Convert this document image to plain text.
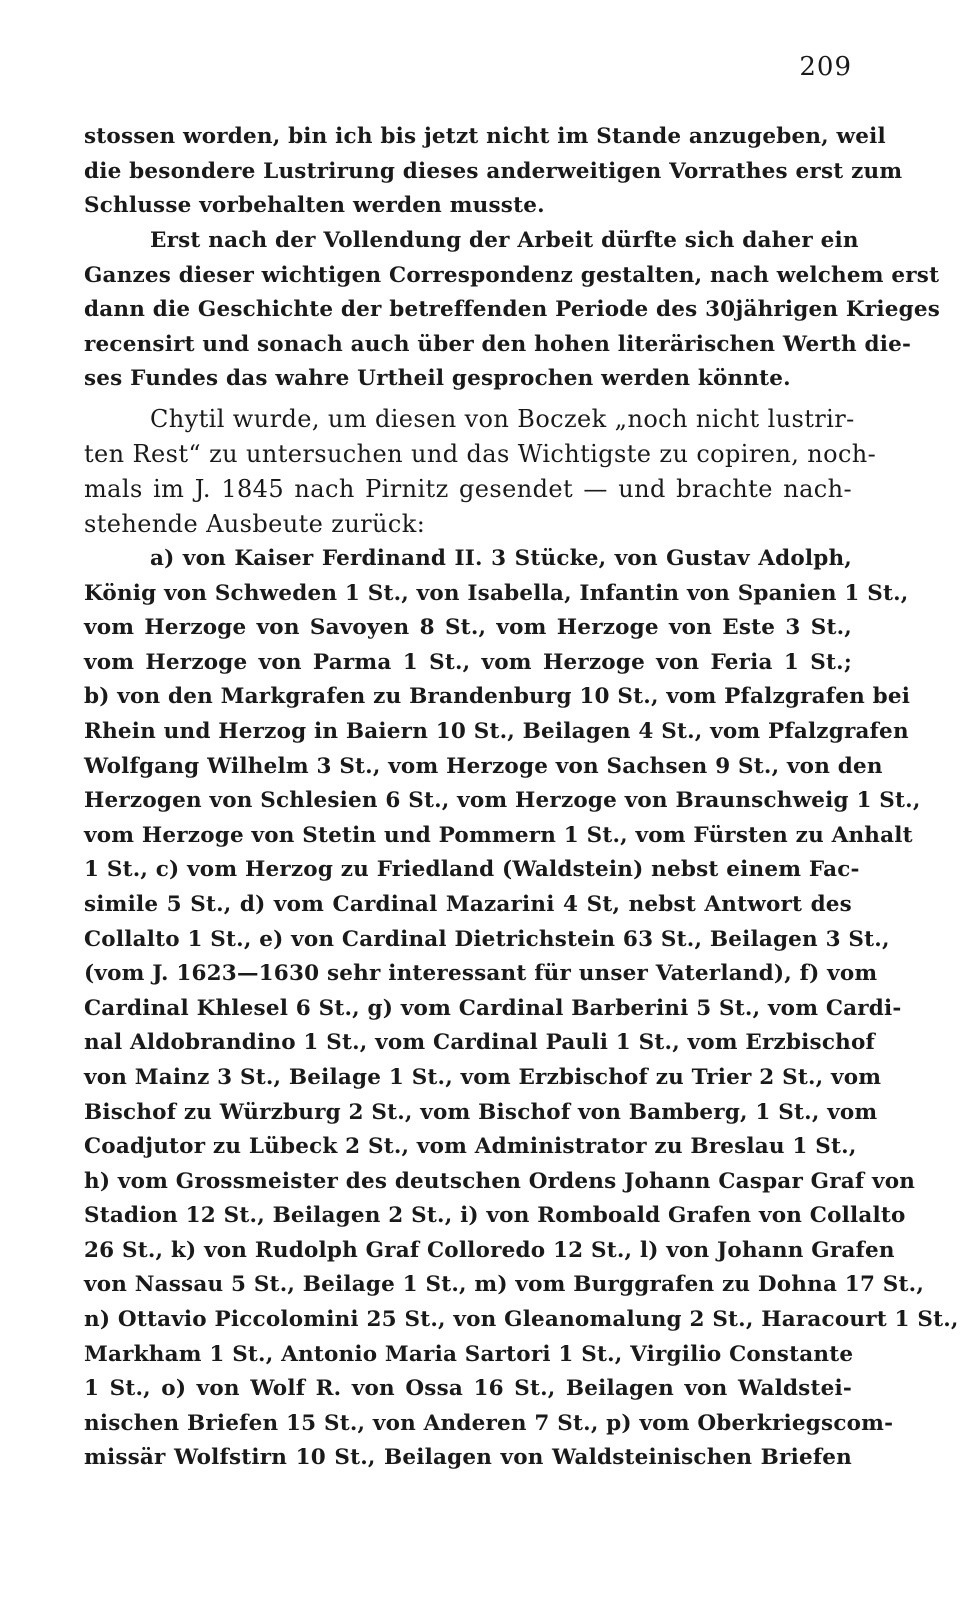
209
stossen worden, bin ich bis jetzt nicht im Stande anzugeben, weil
die besondere Lustrirung dieses anderweitigen Vorrathes erst zum
Schlusse vorbehalten werden musste.
Erst nach der Vollendung der Arbeit dürfte sich daher ein
Ganzes dieser wichtigen Correspondenz gestalten, nach welchem erst
dann die Geschichte der betreffenden Periode des 30jährigen Krieges
recensirt und sonach auch über den hohen literärischen Werth die-
ses Fundes das wahre Urtheil gesprochen werden könnte.
Chytil wurde, um diesen von Boczek „noch nicht lustrir-
ten Rest“ zu untersuchen und das Wichtigste zu copiren, noch-
mals im J. 1845 nach Pirnitz gesendet — und brachte nach-
stehende Ausbeute zurück:
a) von Kaiser Ferdinand II. 3 Stücke, von Gustav Adolph,
König von Schweden 1 St., von Isabella, Infantin von Spanien 1 St.,
vom Herzoge von Savoyen 8 St., vom Herzoge von Este 3 St.,
vom Herzoge von Parma 1 St., vom Herzoge von Feria 1 St.;
b) von den Markgrafen zu Brandenburg 10 St., vom Pfalzgrafen bei
Rhein und Herzog in Baiern 10 St., Beilagen 4 St., vom Pfalzgrafen
Wolfgang Wilhelm 3 St., vom Herzoge von Sachsen 9 St., von den
Herzogen von Schlesien 6 St., vom Herzoge von Braunschweig 1 St.,
vom Herzoge von Stetin und Pommern 1 St., vom Fürsten zu Anhalt
1 St., c) vom Herzog zu Friedland (Waldstein) nebst einem Fac-
simile 5 St., d) vom Cardinal Mazarini 4 St, nebst Antwort des
Collalto 1 St., e) von Cardinal Dietrichstein 63 St., Beilagen 3 St.,
(vom J. 1623—1630 sehr interessant für unser Vaterland), f) vom
Cardinal Khlesel 6 St., g) vom Cardinal Barberini 5 St., vom Cardi-
nal Aldobrandino 1 St., vom Cardinal Pauli 1 St., vom Erzbischof
von Mainz 3 St., Beilage 1 St., vom Erzbischof zu Trier 2 St., vom
Bischof zu Würzburg 2 St., vom Bischof von Bamberg, 1 St., vom
Coadjutor zu Lübeck 2 St., vom Administrator zu Breslau 1 St.,
h) vom Grossmeister des deutschen Ordens Johann Caspar Graf von
Stadion 12 St., Beilagen 2 St., i) von Romboald Grafen von Collalto
26 St., k) von Rudolph Graf Colloredo 12 St., l) von Johann Grafen
von Nassau 5 St., Beilage 1 St., m) vom Burggrafen zu Dohna 17 St.,
n) Ottavio Piccolomini 25 St., von Gleanomalung 2 St., Haracourt 1 St.,
Markham 1 St., Antonio Maria Sartori 1 St., Virgilio Constante
1 St., o) von Wolf R. von Ossa 16 St., Beilagen von Waldstei-
nischen Briefen 15 St., von Anderen 7 St., p) vom Oberkriegscom-
missär Wolfstirn 10 St., Beilagen von Waldsteinischen Briefen
